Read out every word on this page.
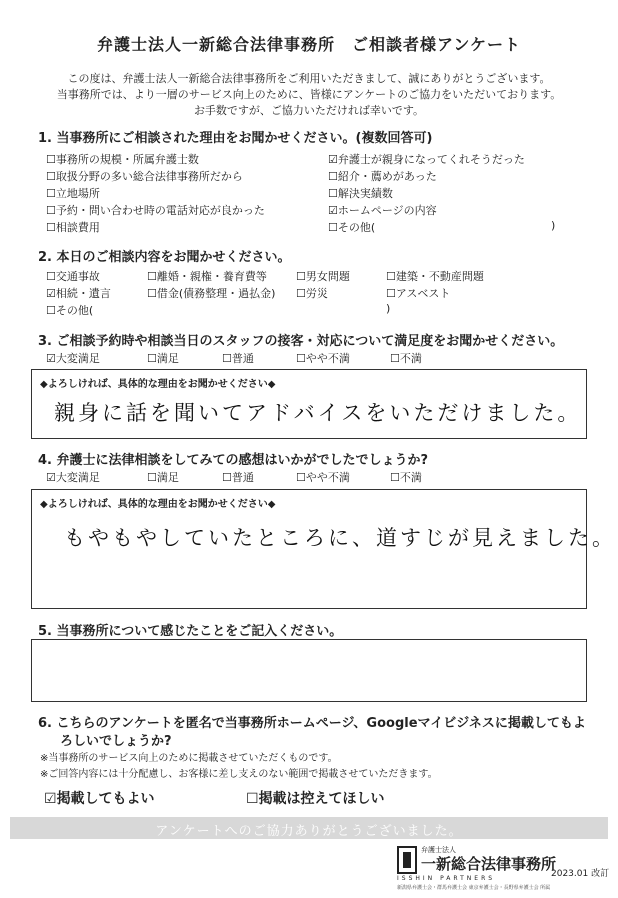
弁護士法人一新総合法律事務所　ご相談者様アンケート
この度は、弁護士法人一新総合法律事務所をご利用いただきまして、誠にありがとうございます。
当事務所では、より一層のサービス向上のために、皆様にアンケートのご協力をいただいております。
お手数ですが、ご協力いただければ幸いです。
1. 当事務所にご相談された理由をお聞かせください。(複数回答可)
☐事務所の規模・所属弁護士数
☐取扱分野の多い総合法律事務所だから
☐立地場所
☐予約・問い合わせ時の電話対応が良かった
☐相談費用
☑弁護士が親身になってくれそうだった
☐紹介・薦めがあった
☐解決実績数
☑ホームページの内容
☐その他(	)
2. 本日のご相談内容をお聞かせください。
☐交通事故	☐離婚・親権・養育費等	☐男女問題	☐建築・不動産問題
☑相続・遺言	☐借金(債務整理・過払金) ☐労災	☐アスベスト
☐その他(	)
3. ご相談予約時や相談当日のスタッフの接客・対応について満足度をお聞かせください。
☑大変満足	☐満足	☐普通	☐やや不満	☐不満
◆よろしければ、具体的な理由をお聞かせください◆
親身に話を聞いてアドバイスをいただけました。
4. 弁護士に法律相談をしてみての感想はいかがでしたでしょうか?
☑大変満足	☐満足	☐普通	☐やや不満	☐不満
◆よろしければ、具体的な理由をお聞かせください◆
もやもやしていたところに、道すじが見えました。
5. 当事務所について感じたことをご記入ください。
6. こちらのアンケートを匿名で当事務所ホームページ、Googleマイビジネスに掲載してもよ
ろしいでしょうか?
※当事務所のサービス向上のために掲載させていただくものです。
※ご回答内容には十分配慮し、お客様に差し支えのない範囲で掲載させていただきます。
☑掲載してもよい	☐掲載は控えてほしい
アンケートへのご協力ありがとうございました。
弁護士法人
一新総合法律事務所
ISSHIN PARTNERS
新潟県弁護士会・群馬弁護士会 東京弁護士会・長野県弁護士会 所属
2023.01 改訂
